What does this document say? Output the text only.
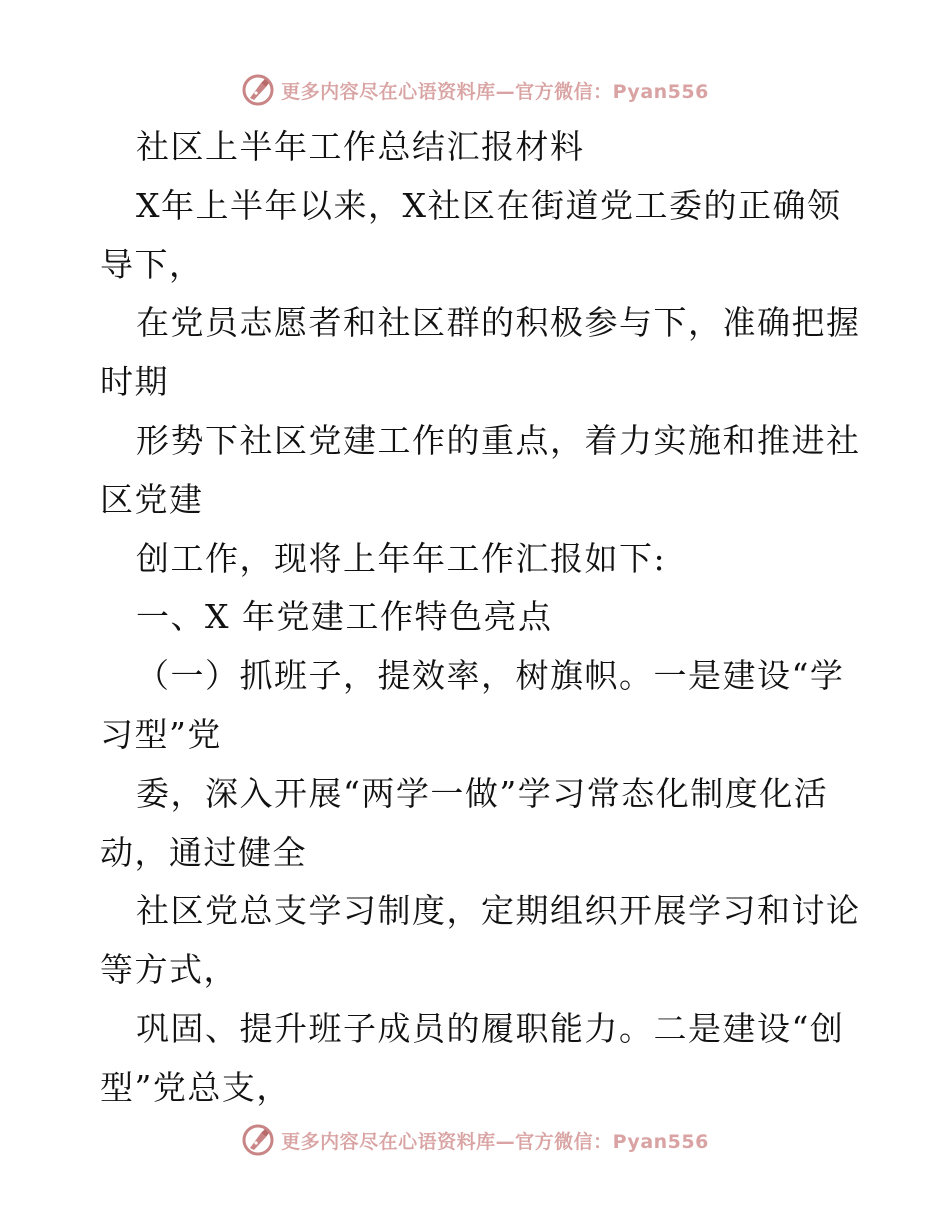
更多内容尽在心语资料库—官方微信：Pyan556
社区上半年工作总结汇报材料
X年上半年以来，X社区在街道党工委的正确领
导下，
在党员志愿者和社区群的积极参与下，准确把握
时期
形势下社区党建工作的重点，着力实施和推进社
区党建
创工作，现将上年年工作汇报如下:
一、X 年党建工作特色亮点
（一）抓班子，提效率，树旗帜。一是建设“学
习型”党
委，深入开展“两学一做”学习常态化制度化活
动，通过健全
社区党总支学习制度，定期组织开展学习和讨论
等方式，
巩固、提升班子成员的履职能力。二是建设“创
型”党总支，
更多内容尽在心语资料库—官方微信：Pyan556
